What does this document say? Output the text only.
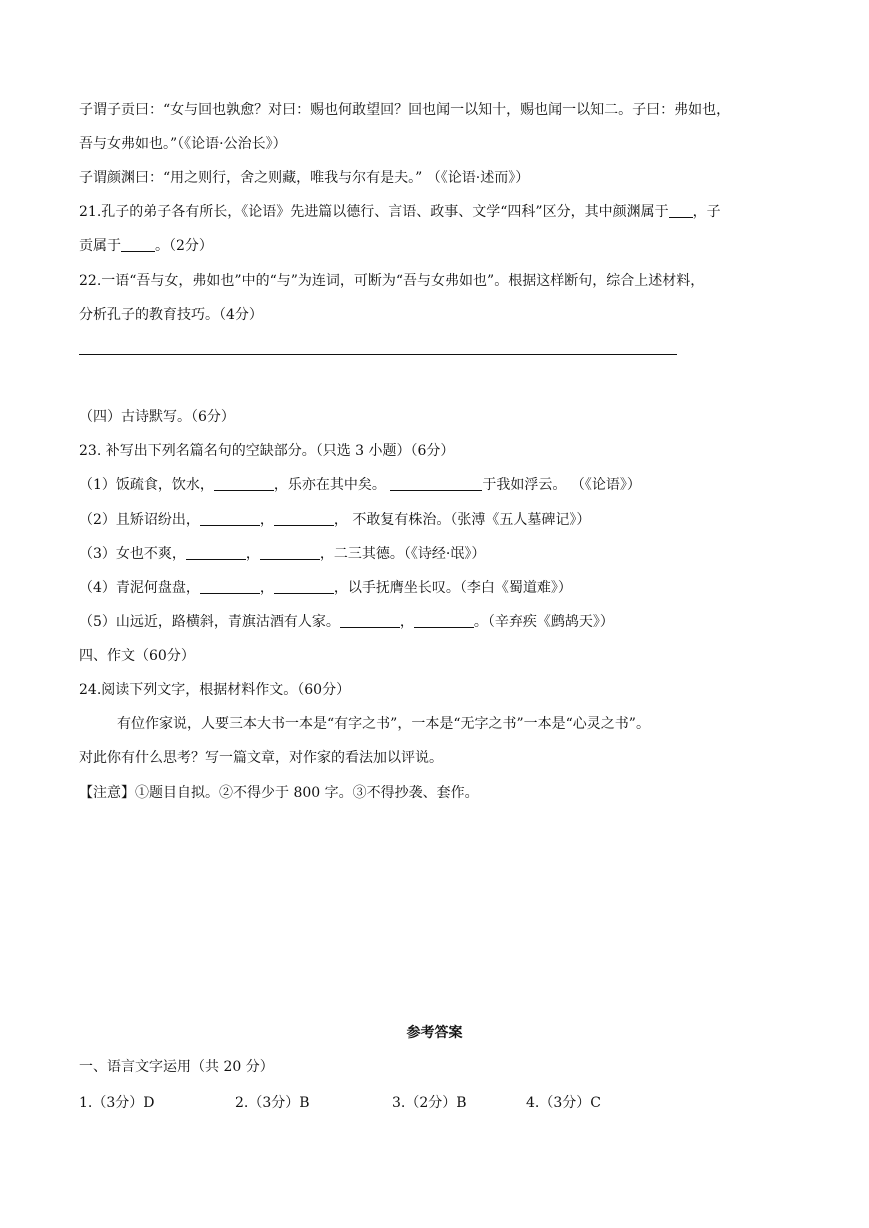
子谓子贡曰：“女与回也孰愈？对曰：赐也何敢望回？回也闻一以知十，赐也闻一以知二。子曰：弗如也，
吾与女弗如也。”（《论语·公治长》）
子谓颜渊曰：“用之则行，舍之则藏，唯我与尔有是夫。” （《论语·述而》）
21.孔子的弟子各有所长，《论语》先进篇以德行、言语、政事、文学“四科”区分，其中颜渊属于 ，子
贡属于 。（2分）
22.一语“吾与女，弗如也”中的“与”为连词，可断为“吾与女弗如也”。根据这样断句，综合上述材料，
分析孔子的教育技巧。（4分）
（四）古诗默写。（6分）
23. 补写出下列名篇名句的空缺部分。（只选 3 小题）（6分）
（1）饭疏食，饮水，	，乐亦在其中矣。	于我如浮云。 （《论语》）
（2）且矫诏纷出，	，	， 不敢复有株治。（张溥《五人墓碑记》）
（3）女也不爽，	，	，二三其德。（《诗经·氓》）
（4）青泥何盘盘，	，	，以手抚膺坐长叹。（李白《蜀道难》）
（5）山远近，路横斜，青旗沽酒有人家。	，	。（辛弃疾《鹧鸪天》）
四、作文（60分）
24.阅读下列文字，根据材料作文。（60分）
有位作家说，人要三本大书一本是“有字之书”，一本是“无字之书”一本是“心灵之书”。
对此你有什么思考？写一篇文章，对作家的看法加以评说。
【注意】①题目自拟。②不得少于 800 字。③不得抄袭、套作。
参考答案
一、语言文字运用（共 20 分）
1.（3分）D	2.（3分）B	3.（2分）B	4.（3分）C
